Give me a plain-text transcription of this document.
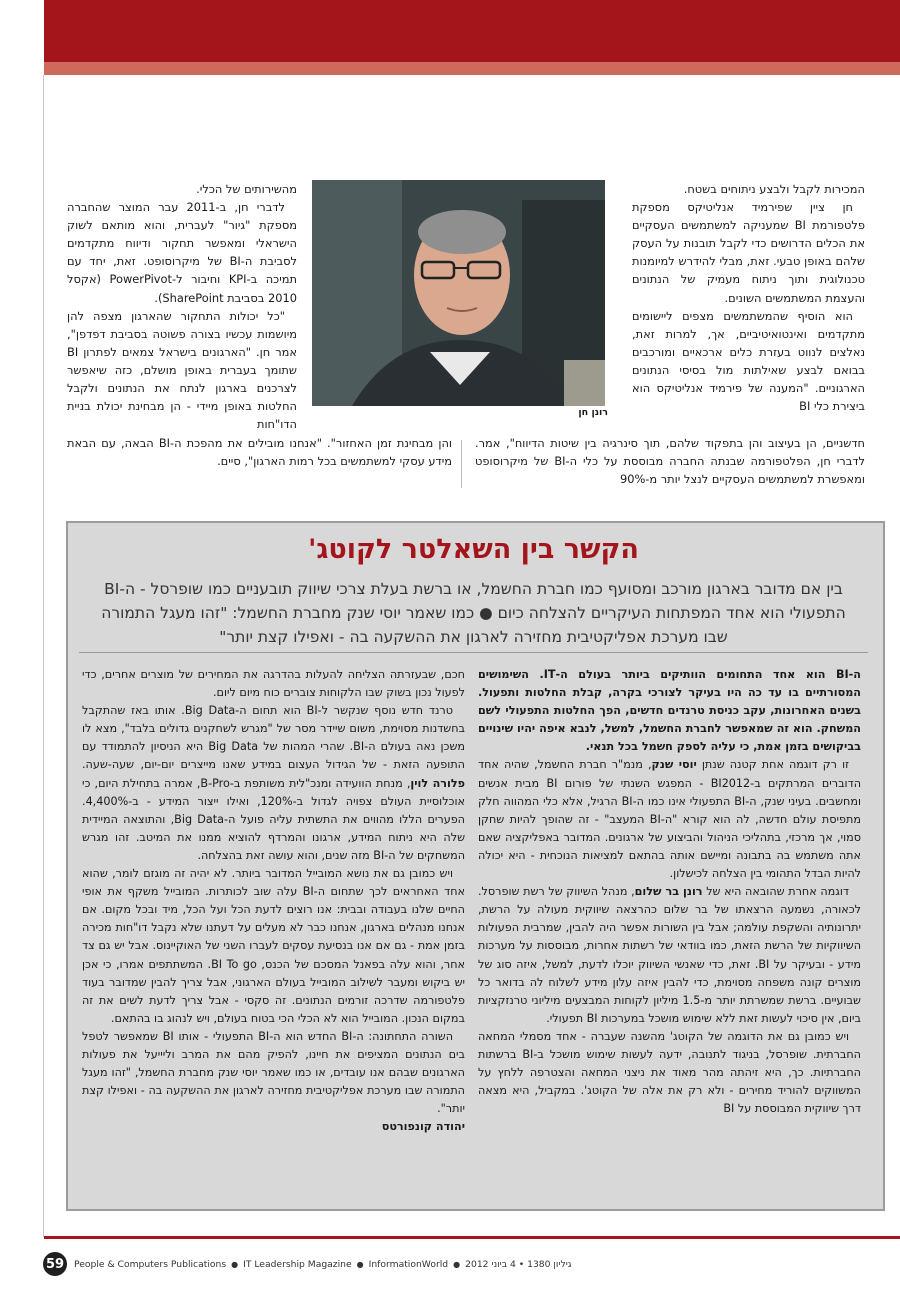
המכירות לקבל ולבצע ניתוחים בשטח.

חן ציין שפירמיד אנליטיקס מספקת פלטפורמת BI שמעניקה למשתמשים העסקיים את הכלים הדרושים כדי לקבל תובנות על העסק שלהם באופן טבעי. זאת, מבלי להידרש למיומנות טכנולוגית ותוך ניתוח מעמיק של הנתונים והעצמת המשתמשים השונים.

הוא הוסיף שהמשתמשים מצפים ליישומים מתקדמים ואינטואיטיביים, אך, למרות זאת, נאלצים לנווט בעזרת כלים ארכאיים ומורכבים בבואם לבצע שאילתות מול בסיסי הנתונים הארגוניים. "המענה של פירמיד אנליטיקס הוא ביצירת כלי BI

חדשניים, הן בעיצוב והן בתפקוד שלהם, תוך סינרגיה בין שיטות הדיווח", אמר. לדברי חן, הפלטפורמה שבנתה החברה מבוססת על כלי ה-BI של מיקרוסופט ומאפשרת למשתמשים העסקיים לנצל יותר מ-90%

רונן חן

מהשירותים של הכלי.

לדברי חן, ב-2011 עבר המוצר שהחברה מספקת "גיור" לעברית, והוא מותאם לשוק הישראלי ומאפשר תחקור ודיווח מתקדמים לסביבת ה-BI של מיקרוסופט. זאת, יחד עם תמיכה ב-KPI וחיבור ל-PowerPivot (אקסל 2010 בסביבת SharePoint).

"כל יכולות התחקור שהארגון מצפה להן מיושמות עכשיו בצורה פשוטה בסביבת דפדפן", אמר חן. "הארגונים בישראל צמאים לפתרון BI שתומך בעברית באופן מושלם, כזה שיאפשר לצרכנים בארגון לנתח את הנתונים ולקבל החלטות באופן מיידי - הן מבחינת יכולת בניית הדו"חות

והן מבחינת זמן האחזור". "אנחנו מובילים את מהפכת ה-BI הבאה, עם הבאת מידע עסקי למשתמשים בכל רמות הארגון", סיים.

הקשר בין השאלטר לקוטג'

בין אם מדובר בארגון מורכב ומסועף כמו חברת החשמל, או ברשת בעלת צרכי שיווק תובעניים כמו שופרסל - ה-BI התפעולי הוא אחד המפתחות העיקריים להצלחה כיום ● כמו שאמר יוסי שנק מחברת החשמל: "זהו מעגל התמורה שבו מערכת אפליקטיבית מחזירה לארגון את ההשקעה בה - ואפילו קצת יותר"

ה-BI הוא אחד התחומים הוותיקים ביותר בעולם ה-IT. השימושים המסורתיים בו עד כה היו בעיקר לצורכי בקרה, קבלת החלטות ותפעול. בשנים האחרונות, עקב כניסת טרנדים חדשים, הפך החלטות התפעולי לשם המשחק. הוא זה שמאפשר לחברת החשמל, למשל, לנבא איפה יהיו שינויים בביקושים בזמן אמת, כי עליה לספק חשמל בכל תנאי.

זו רק דוגמה אחת קטנה שנתן יוסי שנק, מנמ"ר חברת החשמל, שהיה אחד הדוברים המרתקים ב-BI2012 - המפגש השנתי של פורום BI מבית אנשים ומחשבים. בעיני שנק, ה-BI התפעולי אינו כמו ה-BI הרגיל, אלא כלי המהווה חלק מתפיסת עולם חדשה, לה הוא קורא "ה-BI המעצב" - זה שהופך להיות שחקן סמוי, אך מרכזי, בתהליכי הניהול והביצוע של ארגונים. המדובר באפליקציה שאם אתה משתמש בה בתבונה ומיישם אותה בהתאם למציאות הנוכחית - היא יכולה להיות הבדל התהומי בין הצלחה לכישלון.

דוגמה אחרת שהובאה היא של רונן בר שלום, מנהל השיווק של רשת שופרסל. לכאורה, נשמעה הרצאתו של בר שלום כהרצאה שיווקית מעולה על הרשת, יתרונותיה והשקפת עולמה; אבל בין השורות אפשר היה להבין, שמרבית הפעולות השיווקיות של הרשת הזאת, כמו בוודאי של רשתות אחרות, מבוססות על מערכות מידע - ובעיקר על BI. זאת, כדי שאנשי השיווק יוכלו לדעת, למשל, איזה סוג של מוצרים קונה משפחה מסוימת, כדי להבין איזה עלון מידע לשלוח לה בדואר כל שבועיים. ברשת שמשרתת יותר מ-1.5 מיליון לקוחות המבצעים מיליוני טרנזקציות ביום, אין סיכוי לעשות זאת ללא שימוש מושכל במערכות BI תפעולי.

ויש כמובן גם את הדוגמה של הקוטג' מהשנה שעברה - אחד מסמלי המחאה החברתית. שופרסל, בניגוד לתנובה, ידעה לעשות שימוש מושכל ב-BI ברשתות החברתיות. כך, היא זיהתה מהר מאוד את ניצני המחאה והצטרפה ללחץ על המשווקים להוריד מחירים - ולא רק את אלה של הקוטג'. במקביל, היא מצאה דרך שיווקית המבוססת על BI

חכם, שבעזרתה הצליחה להעלות בהדרגה את המחירים של מוצרים אחרים, כדי לפעול נכון בשוק שבו הלקוחות צוברים כוח מיום ליום.

טרנד חדש נוסף שנקשר ל-BI הוא תחום ה-Big Data. אותו באז שהתקבל בחשדנות מסוימת, משום שיידר מסר של "מגרש לשחקנים גדולים בלבד", מצא לו משכן נאה בעולם ה-BI. שהרי המהות של Big Data היא הניסיון להתמודד עם התופעה הזאת - של הגידול העצום במידע שאנו מייצרים יום-יום, שעה-שעה. פלורה לוין, מנחת הוועידה ומנכ"לית משותפת ב-B-Pro, אמרה בתחילת היום, כי אוכלוסיית העולם צפויה לגדול ב-120%, ואילו ייצור המידע - ב-4,400%. הפערים הללו מהווים את התשתית עליה פועל ה-Big Data, והתוצאה המיידית שלה היא ניתוח המידע, ארגונו והמרדף להוציא ממנו את המיטב. זהו מגרש המשחקים של ה-BI מזה שנים, והוא עושה זאת בהצלחה.

ויש כמובן גם את נושא המובייל המדובר ביותר. לא יהיה זה מוגזם לומר, שהוא אחד האחראים לכך שתחום ה-BI עלה שוב לכותרות. המובייל משקף את אופי החיים שלנו בעבודה ובבית: אנו רוצים לדעת הכל ועל הכל, מיד ובכל מקום. אם אנחנו מנהלים בארגון, אנחנו כבר לא מעלים על דעתנו שלא נקבל דו"חות מכירה בזמן אמת - גם אם אנו בנסיעת עסקים לעברו השני של האוקיינוס. אבל יש גם צד אחר, והוא עלה בפאנל המסכם של הכנס, BI To go. המשתתפים אמרו, כי אכן יש ביקוש ומעבר לשילוב המובייל בעולם הארגוני, אבל צריך להבין שמדובר בעוד פלטפורמה שדרכה זורמים הנתונים. זה סקסי - אבל צריך לדעת לשים את זה במקום הנכון. המובייל הוא לא הכלי הכי בטוח בעולם, ויש לנהוג בו בהתאם.

השורה התחתונה: ה-BI החדש הוא ה-BI התפעולי - אותו BI שמאפשר לטפל בים הנתונים המציפים את חיינו, להפיק מהם את המרב וליייעל את פעולות הארגונים שבהם אנו עובדים, או כמו שאמר יוסי שנק מחברת החשמל, "זהו מעגל התמורה שבו מערכת אפליקטיבית מחזירה לארגון את ההשקעה בה - ואפילו קצת יותר".

יהודה קונפורטס

59	People & Computers Publications ● IT Leadership Magazine ● InformationWorld ● גיליון 1380 • 4 ביוני 2012
